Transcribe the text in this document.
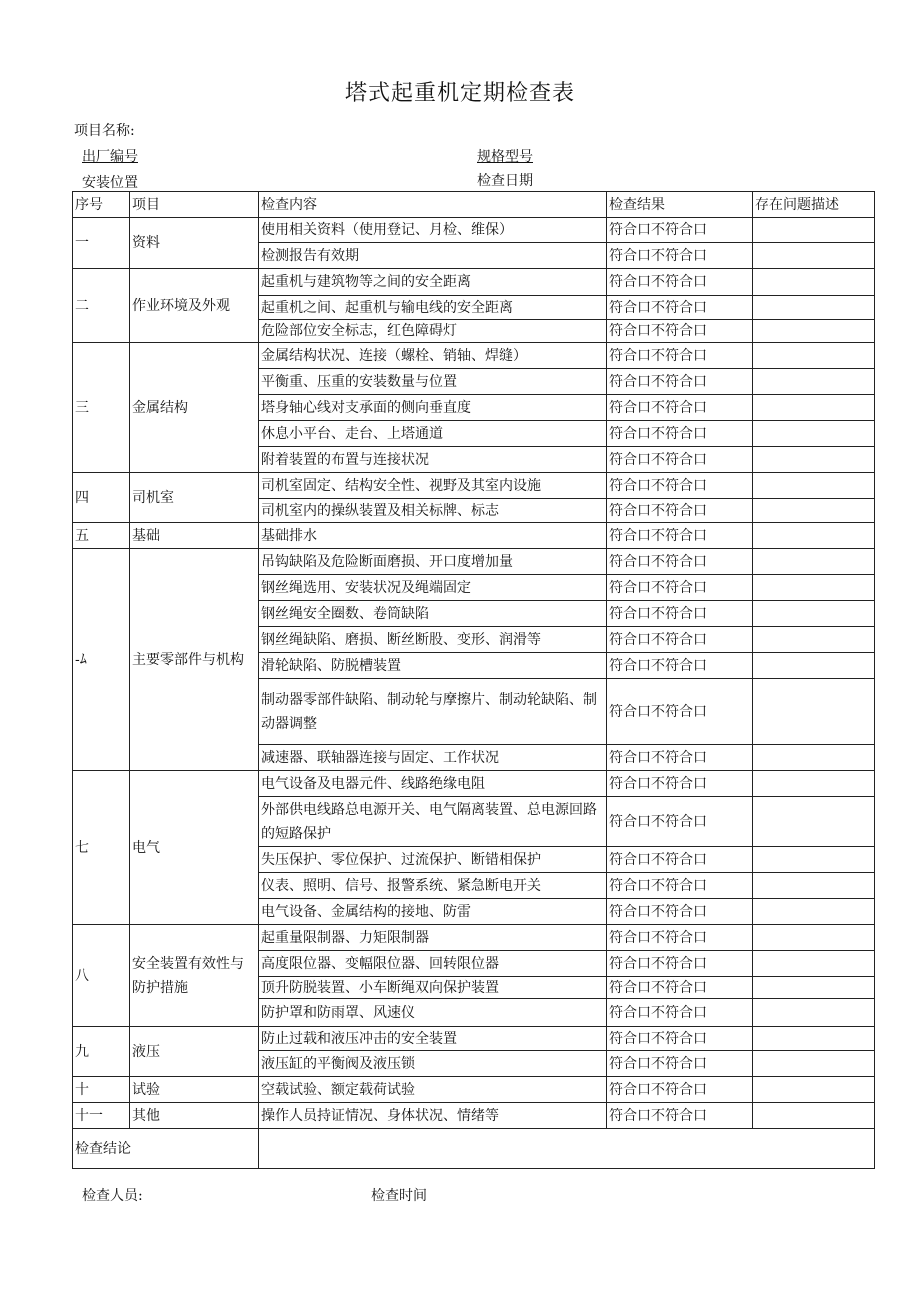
塔式起重机定期检查表
项目名称:
出厂编号	规格型号
安装位置	检查日期
序号	项目	检查内容	检查结果	存在问题描述
一	资料	使用相关资料（使用登记、月检、维保）	符合口不符合口	
		检测报告有效期	符合口不符合口	
二	作业环境及外观	起重机与建筑物等之间的安全距离	符合口不符合口	
		起重机之间、起重机与输电线的安全距离	符合口不符合口	
		危险部位安全标志，红色障碍灯	符合口不符合口	
三	金属结构	金属结构状况、连接（螺栓、销轴、焊缝）	符合口不符合口	
		平衡重、压重的安装数量与位置	符合口不符合口	
		塔身轴心线对支承面的侧向垂直度	符合口不符合口	
		休息小平台、走台、上塔通道	符合口不符合口	
		附着装置的布置与连接状况	符合口不符合口	
四	司机室	司机室固定、结构安全性、视野及其室内设施	符合口不符合口	
		司机室内的操纵装置及相关标牌、标志	符合口不符合口	
五	基础	基础排水	符合口不符合口	
-ﾑ	主要零部件与机构	吊钩缺陷及危险断面磨损、开口度增加量	符合口不符合口	
		钢丝绳选用、安装状况及绳端固定	符合口不符合口	
		钢丝绳安全圈数、卷筒缺陷	符合口不符合口	
		钢丝绳缺陷、磨损、断丝断股、变形、润滑等	符合口不符合口	
		滑轮缺陷、防脱槽装置	符合口不符合口	
		制动器零部件缺陷、制动轮与摩擦片、制动轮缺陷、制动器调整	符合口不符合口	
		减速器、联轴器连接与固定、工作状况	符合口不符合口	
七	电气	电气设备及电器元件、线路绝缘电阻	符合口不符合口	
		外部供电线路总电源开关、电气隔离装置、总电源回路的短路保护	符合口不符合口	
		失压保护、零位保护、过流保护、断错相保护	符合口不符合口	
		仪表、照明、信号、报警系统、紧急断电开关	符合口不符合口	
		电气设备、金属结构的接地、防雷	符合口不符合口	
八	安全装置有效性与防护措施	起重量限制器、力矩限制器	符合口不符合口	
		高度限位器、变幅限位器、回转限位器	符合口不符合口	
		顶升防脱装置、小车断绳双向保护装置	符合口不符合口	
		防护罩和防雨罩、风速仪	符合口不符合口	
九	液压	防止过载和液压冲击的安全装置	符合口不符合口	
		液压缸的平衡阀及液压锁	符合口不符合口	
十	试验	空载试验、额定载荷试验	符合口不符合口	
十一	其他	操作人员持证情况、身体状况、情绪等	符合口不符合口	
检查结论				
检查人员:	检查时间
